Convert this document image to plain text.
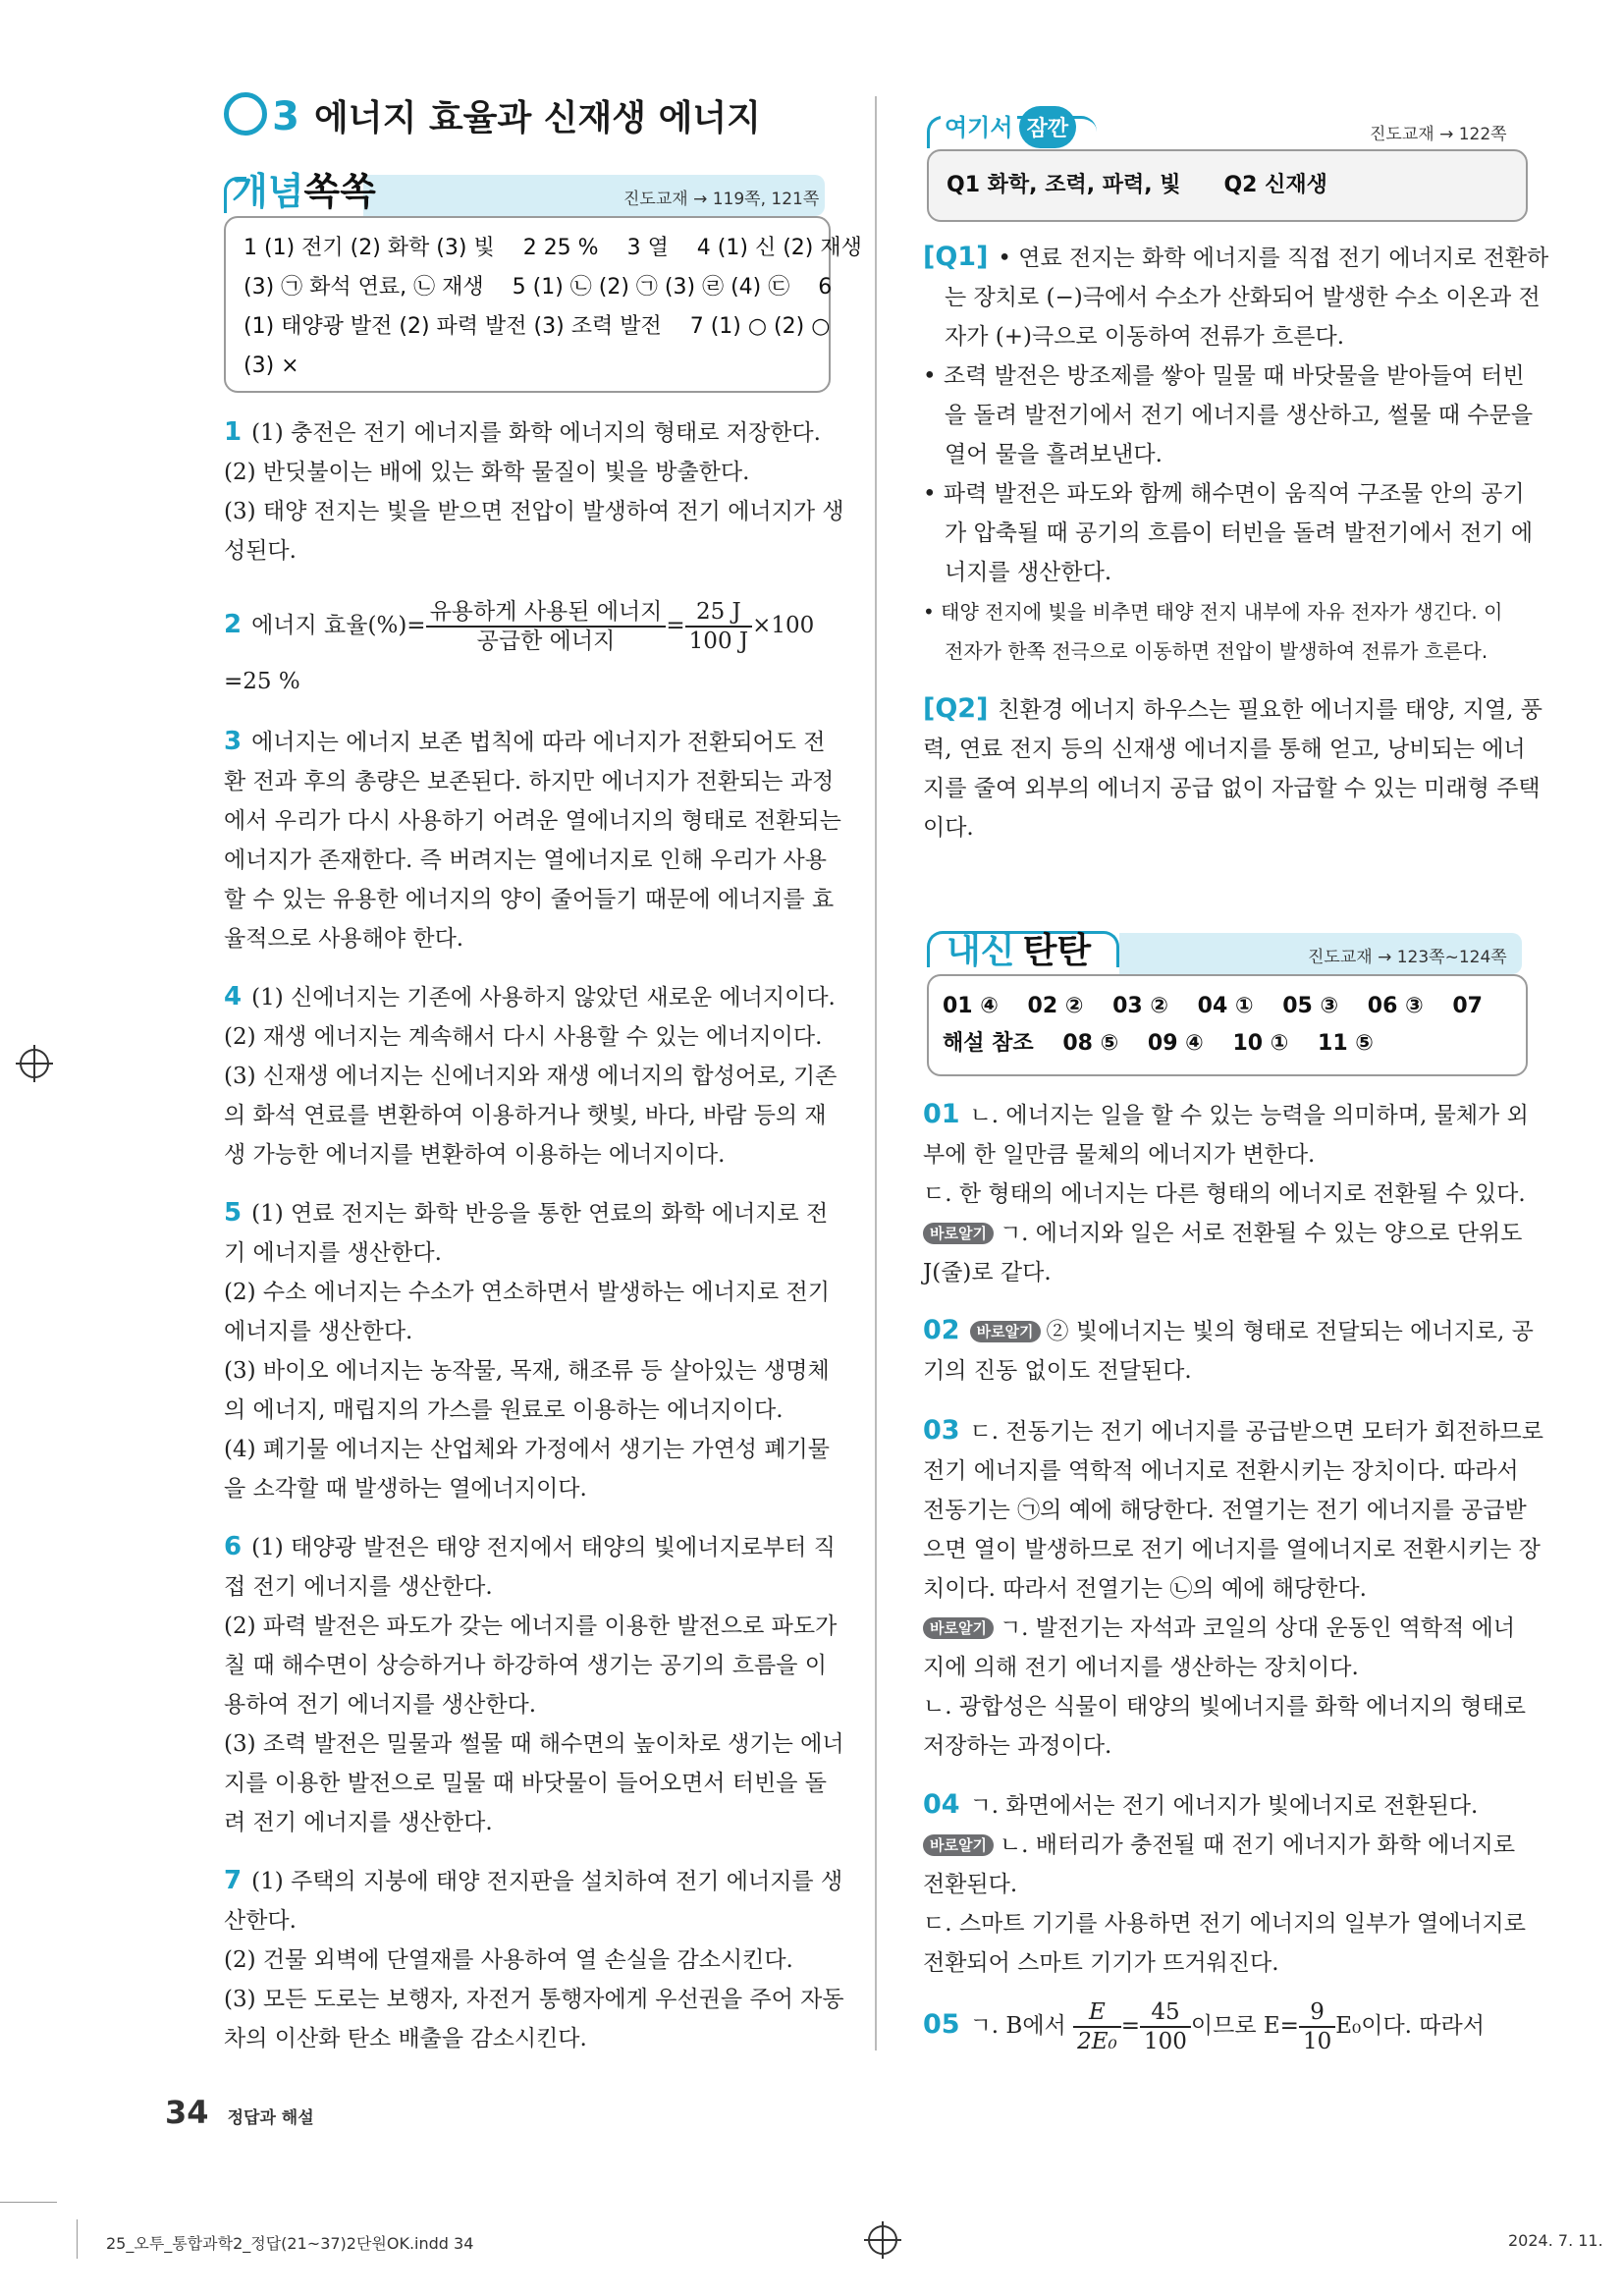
3 에너지 효율과 신재생 에너지
개념쏙쏙	진도교재 → 119쪽, 121쪽
1 (1) 전기 (2) 화학 (3) 빛　 2 25 %　 3 열　 4 (1) 신 (2) 재생
(3) ㉠ 화석 연료, ㉡ 재생　 5 (1) ㉡ (2) ㉠ (3) ㉣ (4) ㉢　 6
(1) 태양광 발전 (2) 파력 발전 (3) 조력 발전　 7 (1) ○ (2) ○
(3) ×
1 (1) 충전은 전기 에너지를 화학 에너지의 형태로 저장한다.
(2) 반딧불이는 배에 있는 화학 물질이 빛을 방출한다.
(3) 태양 전지는 빛을 받으면 전압이 발생하여 전기 에너지가 생
성된다.
2 에너지 효율(%)= $\frac{\text{유용하게 사용된 에너지}}{\text{공급한 에너지}} = \frac{25 J}{100 J} \times 100$
=25 %
3 에너지는 에너지 보존 법칙에 따라 에너지가 전환되어도 전
환 전과 후의 총량은 보존된다. 하지만 에너지가 전환되는 과정
에서 우리가 다시 사용하기 어려운 열에너지의 형태로 전환되는
에너지가 존재한다. 즉 버려지는 열에너지로 인해 우리가 사용
할 수 있는 유용한 에너지의 양이 줄어들기 때문에 에너지를 효
율적으로 사용해야 한다.
4 (1) 신에너지는 기존에 사용하지 않았던 새로운 에너지이다.
(2) 재생 에너지는 계속해서 다시 사용할 수 있는 에너지이다.
(3) 신재생 에너지는 신에너지와 재생 에너지의 합성어로, 기존
의 화석 연료를 변환하여 이용하거나 햇빛, 바다, 바람 등의 재
생 가능한 에너지를 변환하여 이용하는 에너지이다.
5 (1) 연료 전지는 화학 반응을 통한 연료의 화학 에너지로 전
기 에너지를 생산한다.
(2) 수소 에너지는 수소가 연소하면서 발생하는 에너지로 전기
에너지를 생산한다.
(3) 바이오 에너지는 농작물, 목재, 해조류 등 살아있는 생명체
의 에너지, 매립지의 가스를 원료로 이용하는 에너지이다.
(4) 폐기물 에너지는 산업체와 가정에서 생기는 가연성 폐기물
을 소각할 때 발생하는 열에너지이다.
6 (1) 태양광 발전은 태양 전지에서 태양의 빛에너지로부터 직
접 전기 에너지를 생산한다.
(2) 파력 발전은 파도가 갖는 에너지를 이용한 발전으로 파도가
칠 때 해수면이 상승하거나 하강하여 생기는 공기의 흐름을 이
용하여 전기 에너지를 생산한다.
(3) 조력 발전은 밀물과 썰물 때 해수면의 높이차로 생기는 에너
지를 이용한 발전으로 밀물 때 바닷물이 들어오면서 터빈을 돌
려 전기 에너지를 생산한다.
7 (1) 주택의 지붕에 태양 전지판을 설치하여 전기 에너지를 생
산한다.
(2) 건물 외벽에 단열재를 사용하여 열 손실을 감소시킨다.
(3) 모든 도로는 보행자, 자전거 통행자에게 우선권을 주어 자동
차의 이산화 탄소 배출을 감소시킨다.
여기서 잠깐	진도교재 → 122쪽
Q1 화학, 조력, 파력, 빛　　Q2 신재생
[Q1] • 연료 전지는 화학 에너지를 직접 전기 에너지로 전환하
는 장치로 (−)극에서 수소가 산화되어 발생한 수소 이온과 전
자가 (+)극으로 이동하여 전류가 흐른다.
• 조력 발전은 방조제를 쌓아 밀물 때 바닷물을 받아들여 터빈
을 돌려 발전기에서 전기 에너지를 생산하고, 썰물 때 수문을
열어 물을 흘려보낸다.
• 파력 발전은 파도와 함께 해수면이 움직여 구조물 안의 공기
가 압축될 때 공기의 흐름이 터빈을 돌려 발전기에서 전기 에
너지를 생산한다.
• 태양 전지에 빛을 비추면 태양 전지 내부에 자유 전자가 생긴다. 이
전자가 한쪽 전극으로 이동하면 전압이 발생하여 전류가 흐른다.
[Q2] 친환경 에너지 하우스는 필요한 에너지를 태양, 지열, 풍
력, 연료 전지 등의 신재생 에너지를 통해 얻고, 낭비되는 에너
지를 줄여 외부의 에너지 공급 없이 자급할 수 있는 미래형 주택
이다.
내신 탄탄	진도교재 → 123쪽~124쪽
01 ④　 02 ②　 03 ②　 04 ①　 05 ③　 06 ③　 07
해설 참조　 08 ⑤　 09 ④　 10 ①　 11 ⑤
01 ㄴ. 에너지는 일을 할 수 있는 능력을 의미하며, 물체가 외
부에 한 일만큼 물체의 에너지가 변한다.
ㄷ. 한 형태의 에너지는 다른 형태의 에너지로 전환될 수 있다.
바로알기 ㄱ. 에너지와 일은 서로 전환될 수 있는 양으로 단위도
J(줄)로 같다.
02 바로알기 ② 빛에너지는 빛의 형태로 전달되는 에너지로, 공
기의 진동 없이도 전달된다.
03 ㄷ. 전동기는 전기 에너지를 공급받으면 모터가 회전하므로
전기 에너지를 역학적 에너지로 전환시키는 장치이다. 따라서
전동기는 ㉠의 예에 해당한다. 전열기는 전기 에너지를 공급받
으면 열이 발생하므로 전기 에너지를 열에너지로 전환시키는 장
치이다. 따라서 전열기는 ㉡의 예에 해당한다.
바로알기 ㄱ. 발전기는 자석과 코일의 상대 운동인 역학적 에너
지에 의해 전기 에너지를 생산하는 장치이다.
ㄴ. 광합성은 식물이 태양의 빛에너지를 화학 에너지의 형태로
저장하는 과정이다.
04 ㄱ. 화면에서는 전기 에너지가 빛에너지로 전환된다.
바로알기 ㄴ. 배터리가 충전될 때 전기 에너지가 화학 에너지로
전환된다.
ㄷ. 스마트 기기를 사용하면 전기 에너지의 일부가 열에너지로
전환되어 스마트 기기가 뜨거워진다.
05 ㄱ. B에서 $\frac{E}{\text{2E₀}} = \frac{45}{100}$ 이므로 $E= \frac{9}{10} E_0$이다. 따라서
34 정답과 해설
25_오투_통합과학2_정답(21~37)2단원OK.indd 34	2024. 7. 11.
